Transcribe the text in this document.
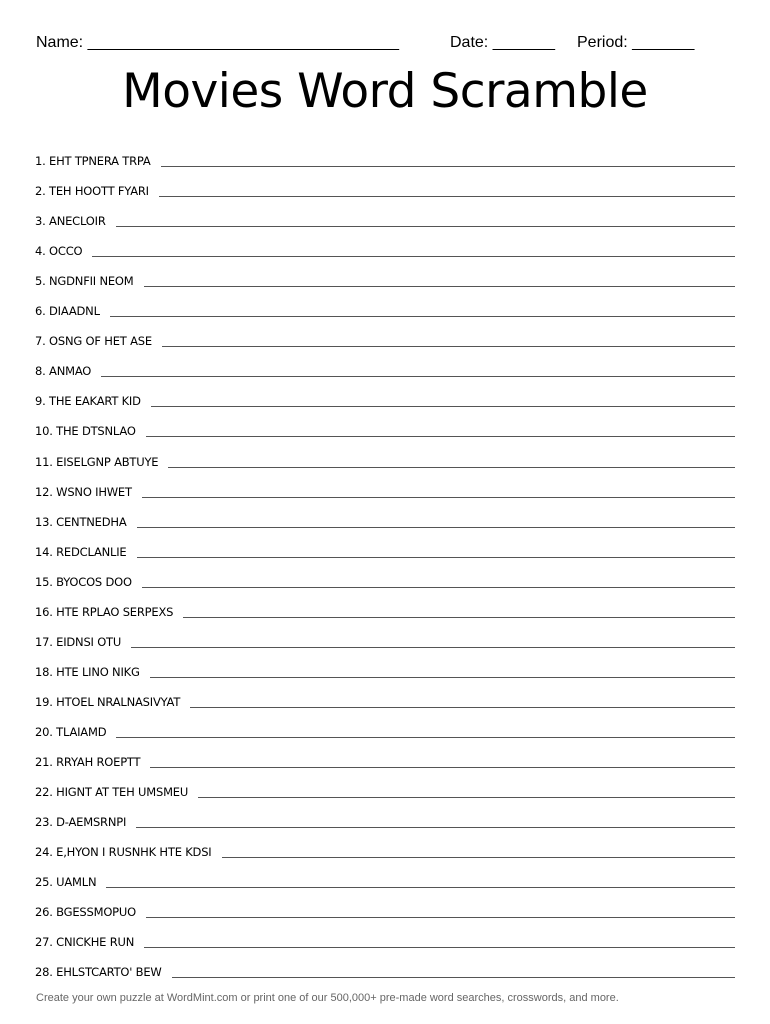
Name: ___________________________________	Date: _______ Period: _______
Movies Word Scramble
1. EHT TPNERA TRPA
2. TEH HOOTT FYARI
3. ANECLOIR
4. OCCO
5. NGDNFII NEOM
6. DIAADNL
7. OSNG OF HET ASE
8. ANMAO
9. THE EAKART KID
10. THE DTSNLAO
11. EISELGNP ABTUYE
12. WSNO IHWET
13. CENTNEDHA
14. REDCLANLIE
15. BYOCOS DOO
16. HTE RPLAO SERPEXS
17. EIDNSI OTU
18. HTE LINO NIKG
19. HTOEL NRALNASIVYAT
20. TLAIAMD
21. RRYAH ROEPTT
22. HIGNT AT TEH UMSMEU
23. D-AEMSRNPI
24. E,HYON I RUSNHK HTE KDSI
25. UAMLN
26. BGESSMOPUO
27. CNICKHE RUN
28. EHLSTCARTO' BEW
Create your own puzzle at WordMint.com or print one of our 500,000+ pre-made word searches, crosswords, and more.
